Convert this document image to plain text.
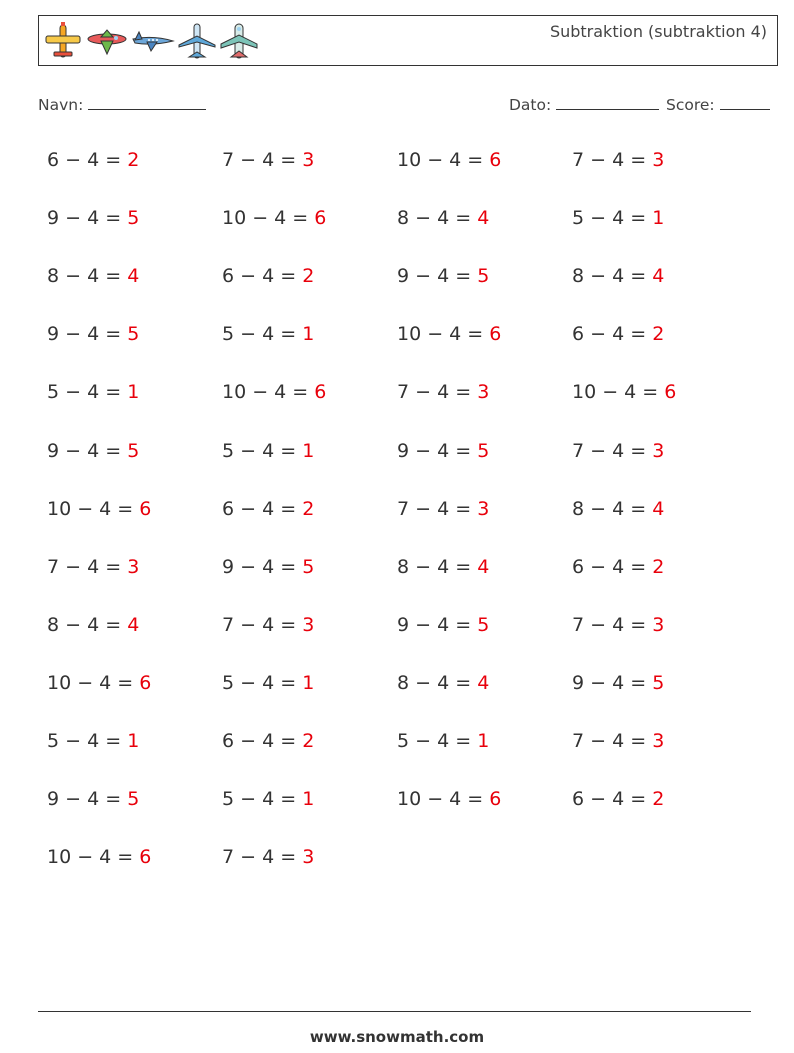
Subtraktion (subtraktion 4)
Navn:	Dato:	Score:
6 − 4 = 2	7 − 4 = 3	10 − 4 = 6	7 − 4 = 3
9 − 4 = 5	10 − 4 = 6	8 − 4 = 4	5 − 4 = 1
8 − 4 = 4	6 − 4 = 2	9 − 4 = 5	8 − 4 = 4
9 − 4 = 5	5 − 4 = 1	10 − 4 = 6	6 − 4 = 2
5 − 4 = 1	10 − 4 = 6	7 − 4 = 3	10 − 4 = 6
9 − 4 = 5	5 − 4 = 1	9 − 4 = 5	7 − 4 = 3
10 − 4 = 6	6 − 4 = 2	7 − 4 = 3	8 − 4 = 4
7 − 4 = 3	9 − 4 = 5	8 − 4 = 4	6 − 4 = 2
8 − 4 = 4	7 − 4 = 3	9 − 4 = 5	7 − 4 = 3
10 − 4 = 6	5 − 4 = 1	8 − 4 = 4	9 − 4 = 5
5 − 4 = 1	6 − 4 = 2	5 − 4 = 1	7 − 4 = 3
9 − 4 = 5	5 − 4 = 1	10 − 4 = 6	6 − 4 = 2
10 − 4 = 6	7 − 4 = 3
www.snowmath.com
